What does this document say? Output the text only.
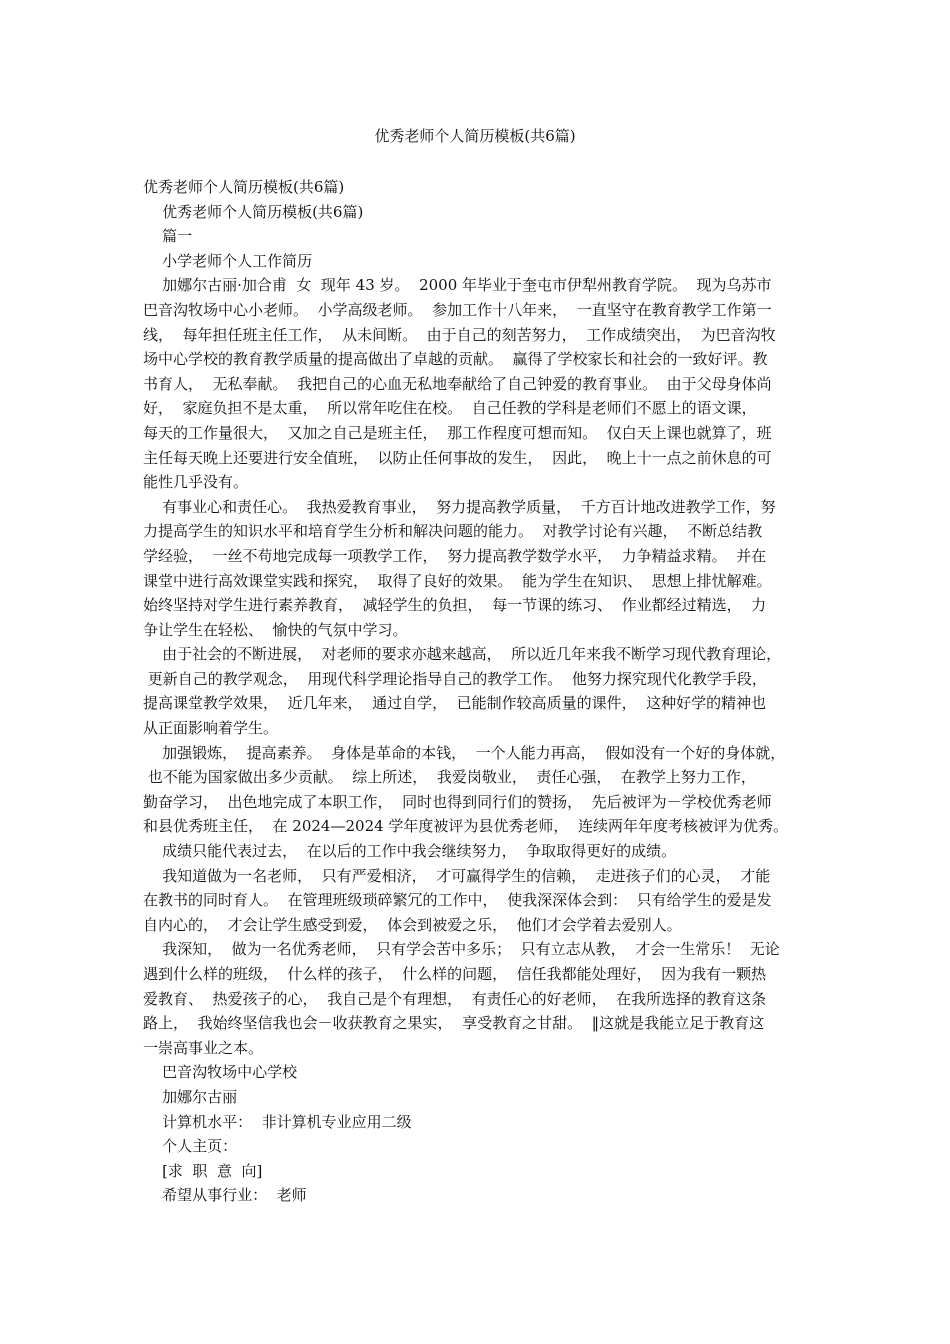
优秀老师个人简历模板(共6篇)
优秀老师个人简历模板(共6篇)
优秀老师个人简历模板(共6篇)
篇一
小学老师个人工作简历
加娜尔古丽·加合甫  女  现年 43 岁。  2000 年毕业于奎屯市伊犁州教育学院。  现为乌苏市
巴音沟牧场中心小老师。  小学高级老师。  参加工作十八年来，  一直坚守在教育教学工作第一
线，  每年担任班主任工作，  从未间断。  由于自己的刻苦努力，  工作成绩突出，  为巴音沟牧
场中心学校的教育教学质量的提高做出了卓越的贡献。  赢得了学校家长和社会的一致好评。教
书育人，  无私奉献。  我把自己的心血无私地奉献给了自己钟爱的教育事业。  由于父母身体尚
好，  家庭负担不是太重，  所以常年吃住在校。  自己任教的学科是老师们不愿上的语文课，
每天的工作量很大，  又加之自己是班主任，  那工作程度可想而知。  仅白天上课也就算了，班
主任每天晚上还要进行安全值班，  以防止任何事故的发生，  因此，  晚上十一点之前休息的可
能性几乎没有。
有事业心和责任心。  我热爱教育事业，  努力提高教学质量，  千方百计地改进教学工作，努
力提高学生的知识水平和培育学生分析和解决问题的能力。  对教学讨论有兴趣，  不断总结教
学经验，  一丝不苟地完成每一项教学工作，  努力提高教学数学水平，  力争精益求精。  并在
课堂中进行高效课堂实践和探究，  取得了良好的效果。  能为学生在知识、  思想上排忧解难。
始终坚持对学生进行素养教育，  减轻学生的负担，  每一节课的练习、  作业都经过精选，  力
争让学生在轻松、  愉快的气氛中学习。
由于社会的不断进展，  对老师的要求亦越来越高，  所以近几年来我不断学习现代教育理论，
更新自己的教学观念，  用现代科学理论指导自己的教学工作。  他努力探究现代化教学手段，
提高课堂教学效果，  近几年来，  通过自学，  已能制作较高质量的课件，  这种好学的精神也
从正面影响着学生。
加强锻炼，  提高素养。  身体是革命的本钱，  一个人能力再高，  假如没有一个好的身体就，
也不能为国家做出多少贡献。  综上所述，  我爱岗敬业，  责任心强，  在教学上努力工作，
勤奋学习，  出色地完成了本职工作，  同时也得到同行们的赞扬，  先后被评为－学校优秀老师
和县优秀班主任，  在 2024—2024 学年度被评为县优秀老师，  连续两年年度考核被评为优秀。
成绩只能代表过去，  在以后的工作中我会继续努力，  争取取得更好的成绩。
我知道做为一名老师，  只有严爱相济，  才可赢得学生的信赖，  走进孩子们的心灵，  才能
在教书的同时育人。  在管理班级琐碎繁冗的工作中，  使我深深体会到：  只有给学生的爱是发
自内心的，  才会让学生感受到爱，  体会到被爱之乐，  他们才会学着去爱别人。
我深知，  做为一名优秀老师，  只有学会苦中多乐；  只有立志从教，  才会一生常乐！  无论
遇到什么样的班级，  什么样的孩子，  什么样的问题，  信任我都能处理好，  因为我有一颗热
爱教育、  热爱孩子的心，  我自己是个有理想，  有责任心的好老师，  在我所选择的教育这条
路上，  我始终坚信我也会－收获教育之果实，  享受教育之甘甜。  ‖这就是我能立足于教育这
一崇高事业之本。
巴音沟牧场中心学校
加娜尔古丽
计算机水平：  非计算机专业应用二级
个人主页：
[求  职  意  向]
希望从事行业：  老师
